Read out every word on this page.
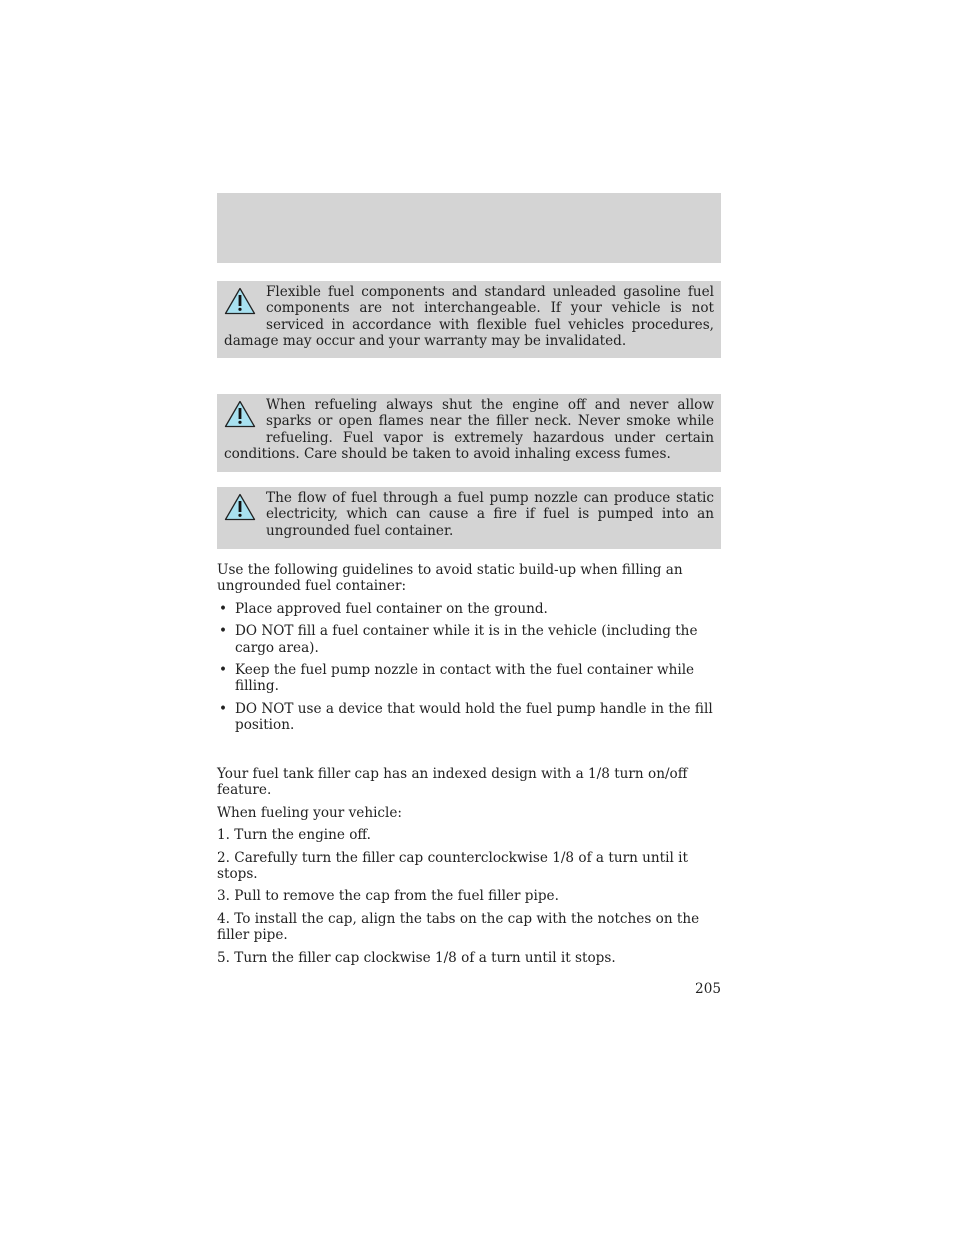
Flexible fuel components and standard unleaded gasoline fuel components are not interchangeable. If your vehicle is not serviced in accordance with flexible fuel vehicles procedures, damage may occur and your warranty may be invalidated.

When refueling always shut the engine off and never allow sparks or open flames near the filler neck. Never smoke while refueling. Fuel vapor is extremely hazardous under certain conditions. Care should be taken to avoid inhaling excess fumes.

The flow of fuel through a fuel pump nozzle can produce static electricity, which can cause a fire if fuel is pumped into an ungrounded fuel container.

Use the following guidelines to avoid static build-up when filling an ungrounded fuel container:

• Place approved fuel container on the ground.
• DO NOT fill a fuel container while it is in the vehicle (including the cargo area).
• Keep the fuel pump nozzle in contact with the fuel container while filling.
• DO NOT use a device that would hold the fuel pump handle in the fill position.

Your fuel tank filler cap has an indexed design with a 1/8 turn on/off feature.

When fueling your vehicle:

1. Turn the engine off.

2. Carefully turn the filler cap counterclockwise 1/8 of a turn until it stops.

3. Pull to remove the cap from the fuel filler pipe.

4. To install the cap, align the tabs on the cap with the notches on the filler pipe.

5. Turn the filler cap clockwise 1/8 of a turn until it stops.

205
